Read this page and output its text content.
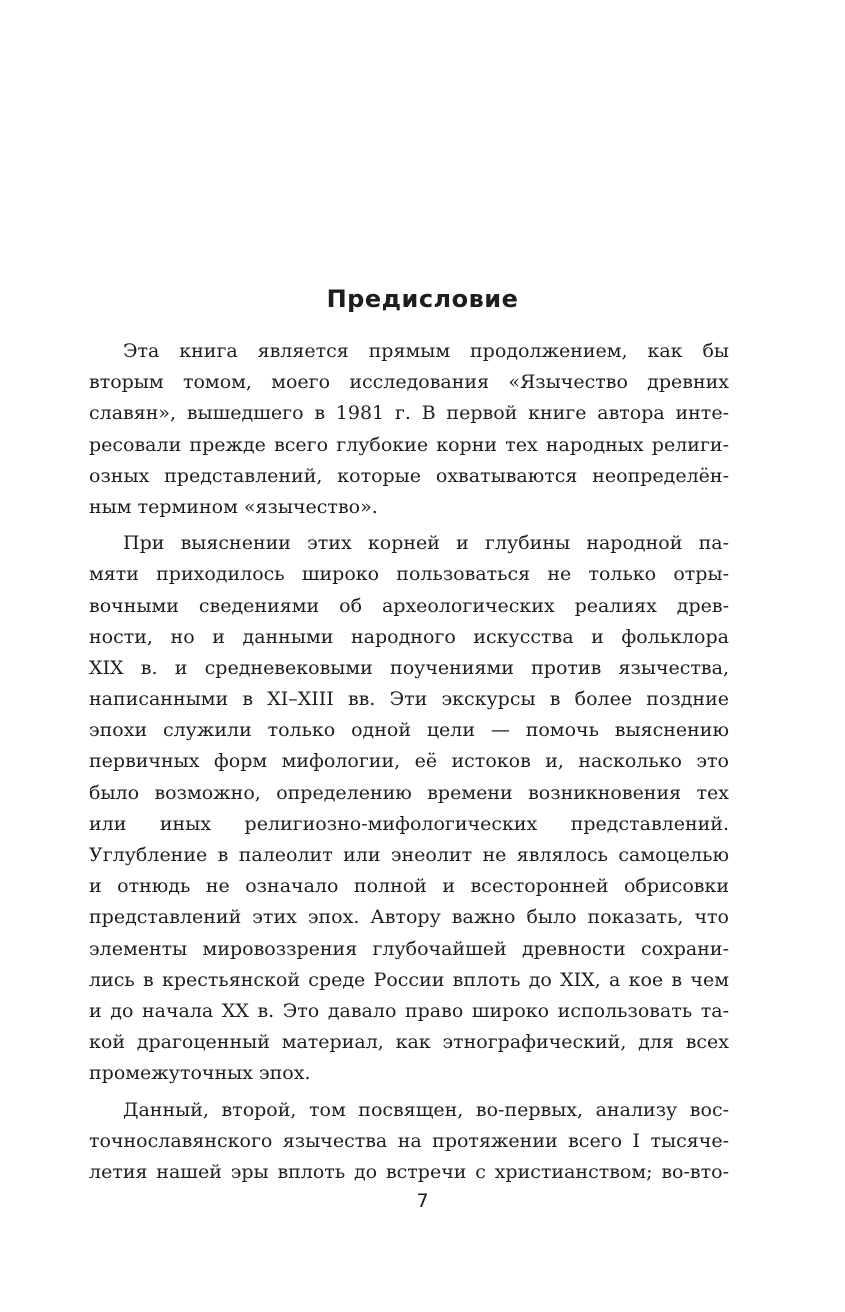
Предисловие
Эта книга является прямым продолжением, как бы
вторым томом, моего исследования «Язычество древних
славян», вышедшего в 1981 г. В первой книге автора инте-
ресовали прежде всего глубокие корни тех народных религи-
озных представлений, которые охватываются неопределён-
ным термином «язычество».
При выяснении этих корней и глубины народной па-
мяти приходилось широко пользоваться не только отры-
вочными сведениями об археологических реалиях древ-
ности, но и данными народного искусства и фольклора
XIX в. и средневековыми поучениями против язычества,
написанными в XI–XIII вв. Эти экскурсы в более поздние
эпохи служили только одной цели — помочь выяснению
первичных форм мифологии, её истоков и, насколько это
было возможно, определению времени возникновения тех
или иных религиозно-мифологических представлений.
Углубление в палеолит или энеолит не являлось самоцелью
и отнюдь не означало полной и всесторонней обрисовки
представлений этих эпох. Автору важно было показать, что
элементы мировоззрения глубочайшей древности сохрани-
лись в крестьянской среде России вплоть до XIX, а кое в чем
и до начала XX в. Это давало право широко использовать та-
кой драгоценный материал, как этнографический, для всех
промежуточных эпох.
Данный, второй, том посвящен, во-первых, анализу вос-
точнославянского язычества на протяжении всего I тысяче-
летия нашей эры вплоть до встречи с христианством; во-вто-
7
